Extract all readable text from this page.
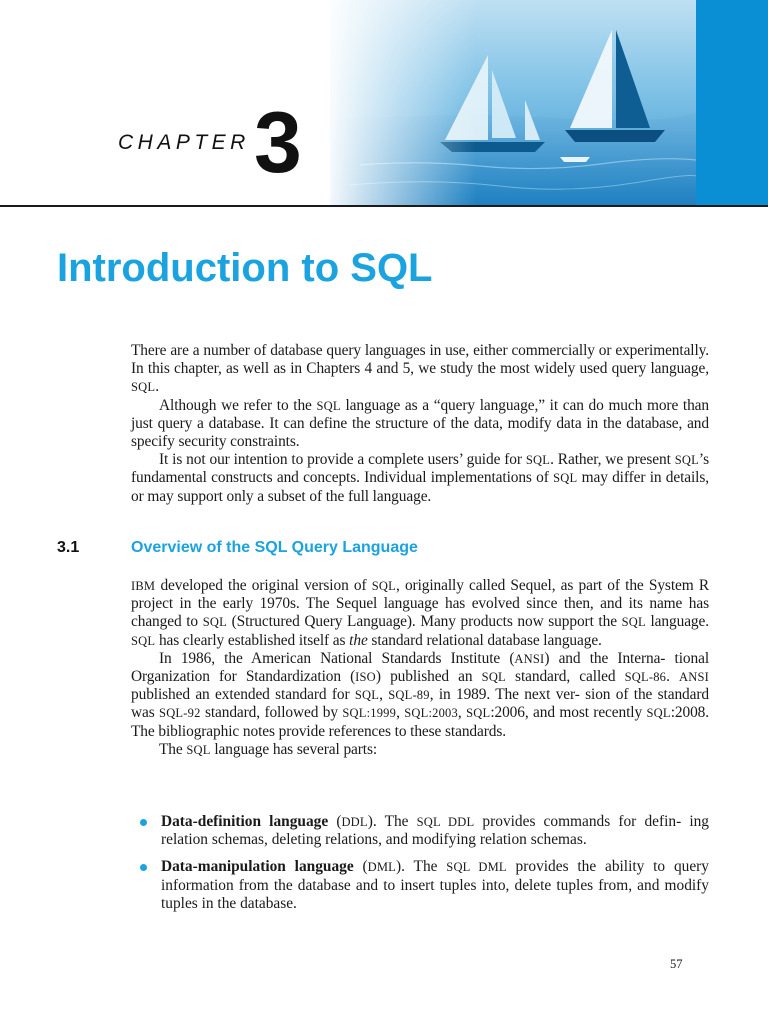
CHAPTER 3
Introduction to SQL

There are a number of database query languages in use, either commercially or experimentally. In this chapter, as well as in Chapters 4 and 5, we study the most widely used query language, SQL.

Although we refer to the SQL language as a “query language,” it can do much more than just query a database. It can define the structure of the data, modify data in the database, and specify security constraints.

It is not our intention to provide a complete users’ guide for SQL. Rather, we present SQL’s fundamental constructs and concepts. Individual implementations of SQL may differ in details, or may support only a subset of the full language.

3.1	Overview of the SQL Query Language

IBM developed the original version of SQL, originally called Sequel, as part of the System R project in the early 1970s. The Sequel language has evolved since then, and its name has changed to SQL (Structured Query Language). Many products now support the SQL language. SQL has clearly established itself as the standard relational database language.

In 1986, the American National Standards Institute (ANSI) and the Interna- tional Organization for Standardization (ISO) published an SQL standard, called SQL-86. ANSI published an extended standard for SQL, SQL-89, in 1989. The next ver- sion of the standard was SQL-92 standard, followed by SQL:1999, SQL:2003, SQL:2006, and most recently SQL:2008. The bibliographic notes provide references to these standards.

The SQL language has several parts:

Data-definition language (DDL). The SQL DDL provides commands for defin- ing relation schemas, deleting relations, and modifying relation schemas.
Data-manipulation language (DML). The SQL DML provides the ability to query information from the database and to insert tuples into, delete tuples from, and modify tuples in the database.
57
